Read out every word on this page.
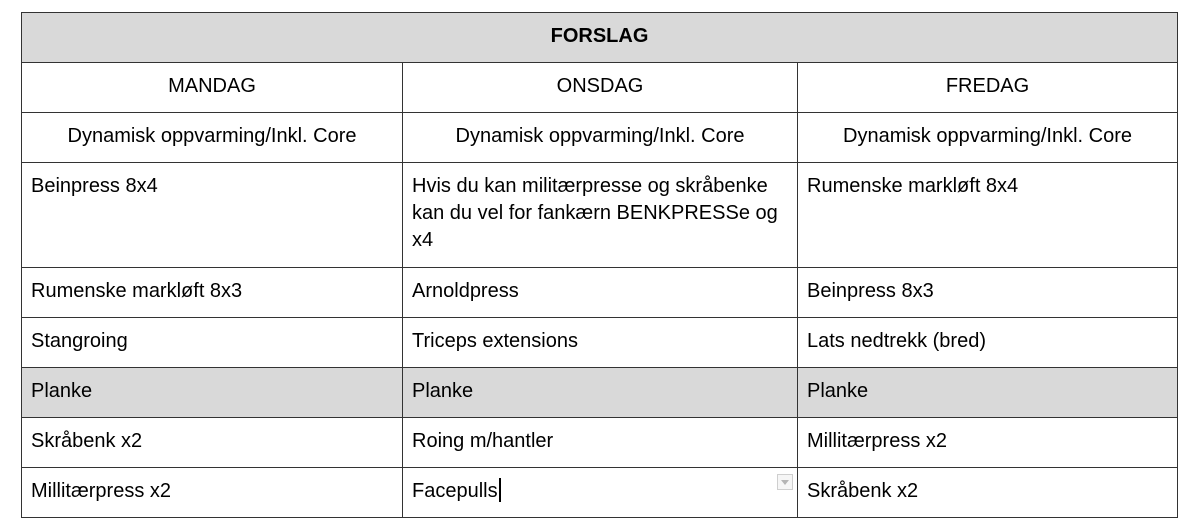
FORSLAG		
MANDAG	ONSDAG	FREDAG
Dynamisk oppvarming/Inkl. Core	Dynamisk oppvarming/Inkl. Core	Dynamisk oppvarming/Inkl. Core
Beinpress 8x4	Hvis du kan militærpresse og skråbenke kan du vel for fankærn BENKPRESSe og x4	Rumenske markløft 8x4
Rumenske markløft 8x3	Arnoldpress	Beinpress 8x3
Stangroing	Triceps extensions	Lats nedtrekk (bred)
Planke	Planke	Planke
Skråbenk x2	Roing m/hantler	Millitærpress x2
Millitærpress x2	Facepulls	Skråbenk x2
